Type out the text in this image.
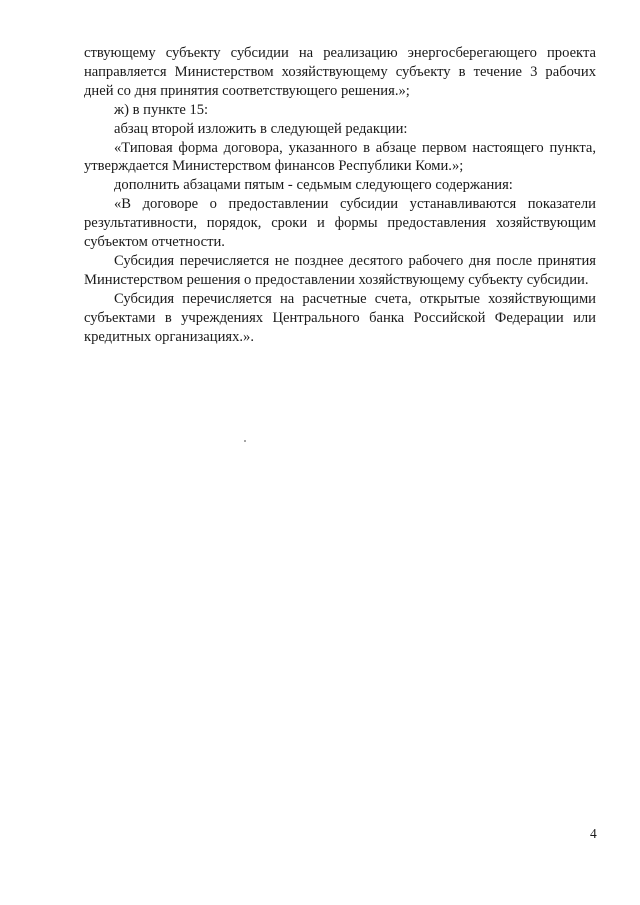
ствующему субъекту субсидии на реализацию энергосберегающего проекта направляется Министерством хозяйствующему субъекту в течение 3 рабочих дней со дня принятия соответствующего решения.»;

ж) в пункте 15:

абзац второй изложить в следующей редакции:

«Типовая форма договора, указанного в абзаце первом настоящего пункта, утверждается Министерством финансов Республики Коми.»;

дополнить абзацами пятым - седьмым следующего содержания:

«В договоре о предоставлении субсидии устанавливаются показатели результативности, порядок, сроки и формы предоставления хозяйствующим субъектом отчетности.

Субсидия перечисляется не позднее десятого рабочего дня после принятия Министерством решения о предоставлении хозяйствующему субъекту субсидии.

Субсидия перечисляется на расчетные счета, открытые хозяйствующими субъектами в учреждениях Центрального банка Российской Федерации или кредитных организациях.».

4
